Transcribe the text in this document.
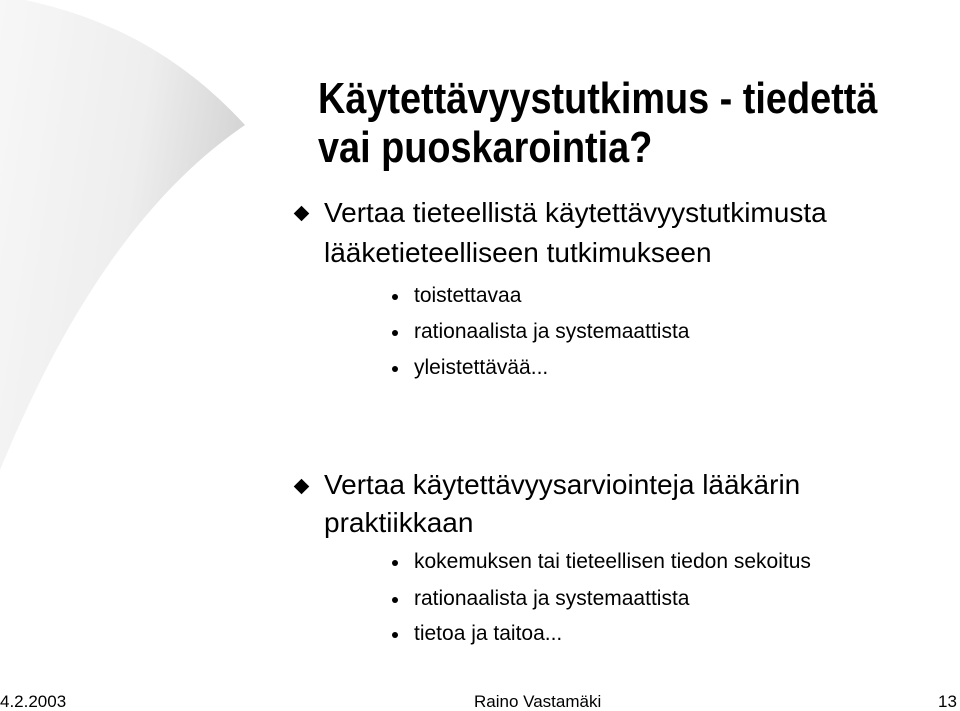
Käytettävyystutkimus - tiedettä
vai puoskarointia?
Vertaa tieteellistä käytettävyystutkimusta
lääketieteelliseen tutkimukseen
toistettavaa
rationaalista ja systemaattista
yleistettävää...
Vertaa käytettävyysarviointeja lääkärin
praktiikkaan
kokemuksen tai tieteellisen tiedon sekoitus
rationaalista ja systemaattista
tietoa ja taitoa...
4.2.2003	Raino Vastamäki	13
